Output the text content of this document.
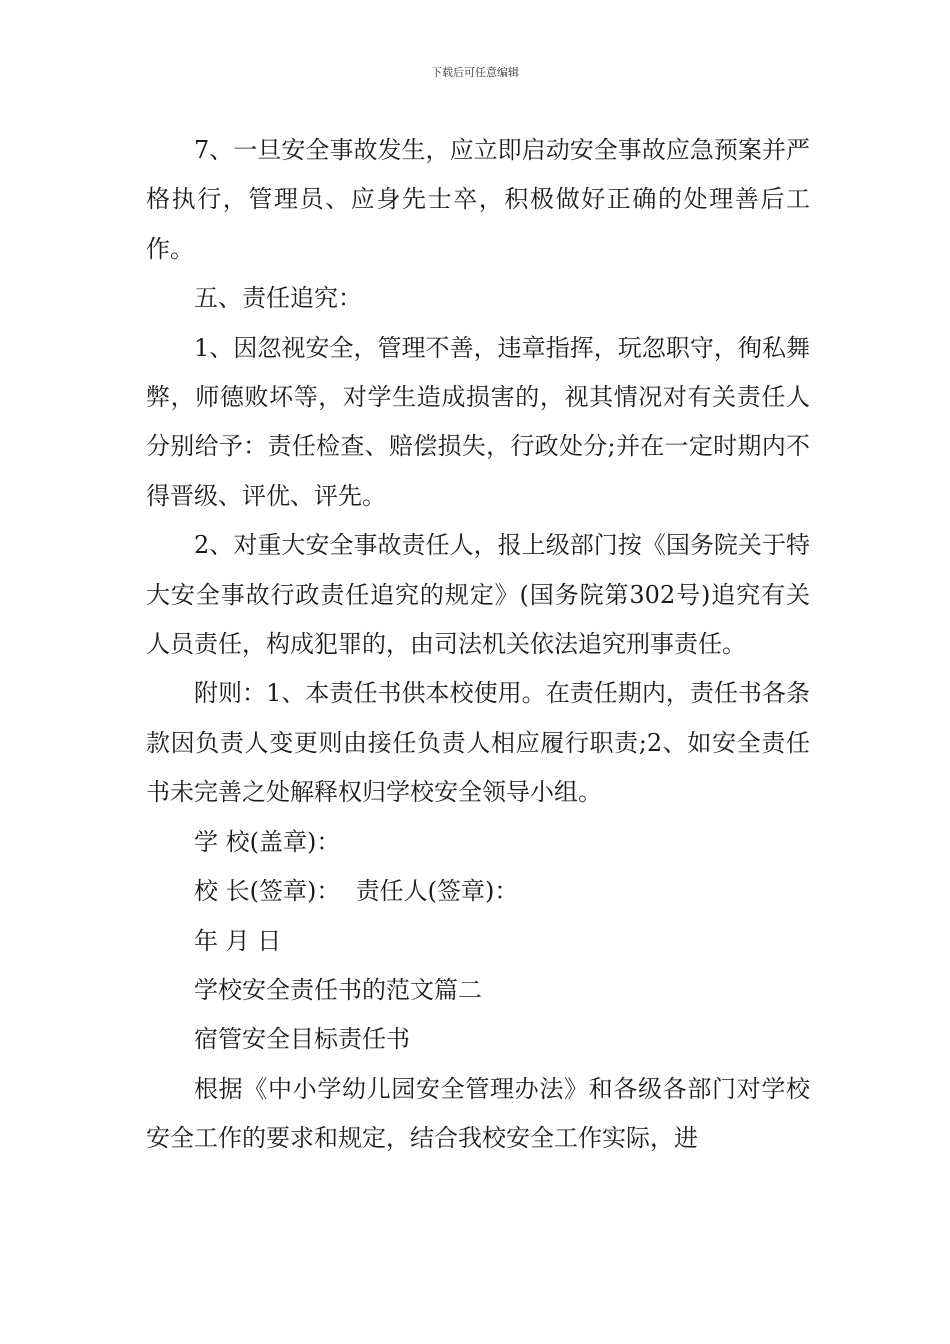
下载后可任意编辑

7、一旦安全事故发生，应立即启动安全事故应急预案并严格执行，管理员、应身先士卒，积极做好正确的处理善后工作。

五、责任追究：

1、因忽视安全，管理不善，违章指挥，玩忽职守，徇私舞弊，师德败坏等，对学生造成损害的，视其情况对有关责任人分别给予：责任检查、赔偿损失，行政处分;并在一定时期内不得晋级、评优、评先。

2、对重大安全事故责任人，报上级部门按《国务院关于特大安全事故行政责任追究的规定》(国务院第302号)追究有关人员责任，构成犯罪的，由司法机关依法追究刑事责任。

附则：1、本责任书供本校使用。在责任期内，责任书各条款因负责人变更则由接任负责人相应履行职责;2、如安全责任书未完善之处解释权归学校安全领导小组。

学 校(盖章)：

校 长(签章)：  责任人(签章)：

年 月 日

学校安全责任书的范文篇二

宿管安全目标责任书

根据《中小学幼儿园安全管理办法》和各级各部门对学校安全工作的要求和规定，结合我校安全工作实际，进
